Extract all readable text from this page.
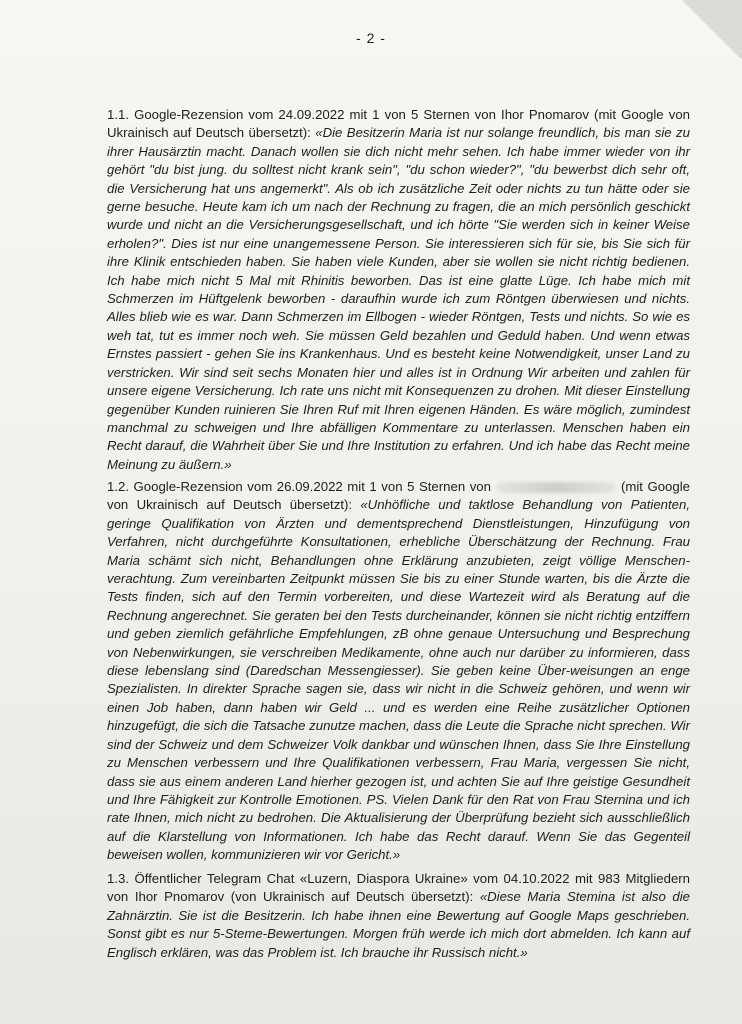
- 2 -

1.1. Google-Rezension vom 24.09.2022 mit 1 von 5 Sternen von Ihor Pnomarov (mit Google von Ukrainisch auf Deutsch übersetzt): «Die Besitzerin Maria ist nur solange freundlich, bis man sie zu ihrer Hausärztin macht. Danach wollen sie dich nicht mehr sehen. Ich habe immer wieder von ihr gehört "du bist jung. du solltest nicht krank sein", "du schon wieder?", "du bewerbst dich sehr oft, die Versicherung hat uns angemerkt". Als ob ich zusätzliche Zeit oder nichts zu tun hätte oder sie gerne besuche. Heute kam ich um nach der Rechnung zu fragen, die an mich persönlich geschickt wurde und nicht an die Versicherungsgesellschaft, und ich hörte "Sie werden sich in keiner Weise erholen?". Dies ist nur eine unangemessene Person. Sie interessieren sich für sie, bis Sie sich für ihre Klinik entschieden haben. Sie haben viele Kunden, aber sie wollen sie nicht richtig bedienen. Ich habe mich nicht 5 Mal mit Rhinitis beworben. Das ist eine glatte Lüge. Ich habe mich mit Schmerzen im Hüftgelenk beworben - daraufhin wurde ich zum Röntgen überwiesen und nichts. Alles blieb wie es war. Dann Schmerzen im Ellbogen - wieder Röntgen, Tests und nichts. So wie es weh tat, tut es immer noch weh. Sie müssen Geld bezahlen und Geduld haben. Und wenn etwas Ernstes passiert - gehen Sie ins Krankenhaus. Und es besteht keine Notwendigkeit, unser Land zu verstricken. Wir sind seit sechs Monaten hier und alles ist in Ordnung Wir arbeiten und zahlen für unsere eigene Versicherung. Ich rate uns nicht mit Konsequenzen zu drohen. Mit dieser Einstellung gegenüber Kunden ruinieren Sie Ihren Ruf mit Ihren eigenen Händen. Es wäre möglich, zumindest manchmal zu schweigen und Ihre abfälligen Kommentare zu unterlassen. Menschen haben ein Recht darauf, die Wahrheit über Sie und Ihre Institution zu erfahren. Und ich habe das Recht meine Meinung zu äußern.»

1.2. Google-Rezension vom 26.09.2022 mit 1 von 5 Sternen von	(mit Google von Ukrainisch auf Deutsch übersetzt): «Unhöfliche und taktlose Behandlung von Patienten, geringe Qualifikation von Ärzten und dementsprechend Dienstleistungen, Hinzufügung von Verfahren, nicht durchgeführte Konsultationen, erhebliche Überschätzung der Rechnung. Frau Maria schämt sich nicht, Behandlungen ohne Erklärung anzubieten, zeigt völlige Menschen-verachtung. Zum vereinbarten Zeitpunkt müssen Sie bis zu einer Stunde warten, bis die Ärzte die Tests finden, sich auf den Termin vorbereiten, und diese Wartezeit wird als Beratung auf die Rechnung angerechnet. Sie geraten bei den Tests durcheinander, können sie nicht richtig entziffern und geben ziemlich gefährliche Empfehlungen, zB ohne genaue Untersuchung und Besprechung von Nebenwirkungen, sie verschreiben Medikamente, ohne auch nur darüber zu informieren, dass diese lebenslang sind (Daredschan Messengiesser). Sie geben keine Über-weisungen an enge Spezialisten. In direkter Sprache sagen sie, dass wir nicht in die Schweiz gehören, und wenn wir einen Job haben, dann haben wir Geld ... und es werden eine Reihe zusätzlicher Optionen hinzugefügt, die sich die Tatsache zunutze machen, dass die Leute die Sprache nicht sprechen. Wir sind der Schweiz und dem Schweizer Volk dankbar und wünschen Ihnen, dass Sie Ihre Einstellung zu Menschen verbessern und Ihre Qualifikationen verbessern, Frau Maria, vergessen Sie nicht, dass sie aus einem anderen Land hierher gezogen ist, und achten Sie auf Ihre geistige Gesundheit und Ihre Fähigkeit zur Kontrolle Emotionen. PS. Vielen Dank für den Rat von Frau Sternina und ich rate Ihnen, mich nicht zu bedrohen. Die Aktualisierung der Überprüfung bezieht sich ausschließlich auf die Klarstellung von Informationen. Ich habe das Recht darauf. Wenn Sie das Gegenteil beweisen wollen, kommunizieren wir vor Gericht.»

1.3. Öffentlicher Telegram Chat «Luzern, Diaspora Ukraine» vom 04.10.2022 mit 983 Mitgliedern von Ihor Pnomarov (von Ukrainisch auf Deutsch übersetzt): «Diese Maria Stemina ist also die Zahnärztin. Sie ist die Besitzerin. Ich habe ihnen eine Bewertung auf Google Maps geschrieben. Sonst gibt es nur 5-Steme-Bewertungen. Morgen früh werde ich mich dort abmelden. Ich kann auf Englisch erklären, was das Problem ist. Ich brauche ihr Russisch nicht.»
